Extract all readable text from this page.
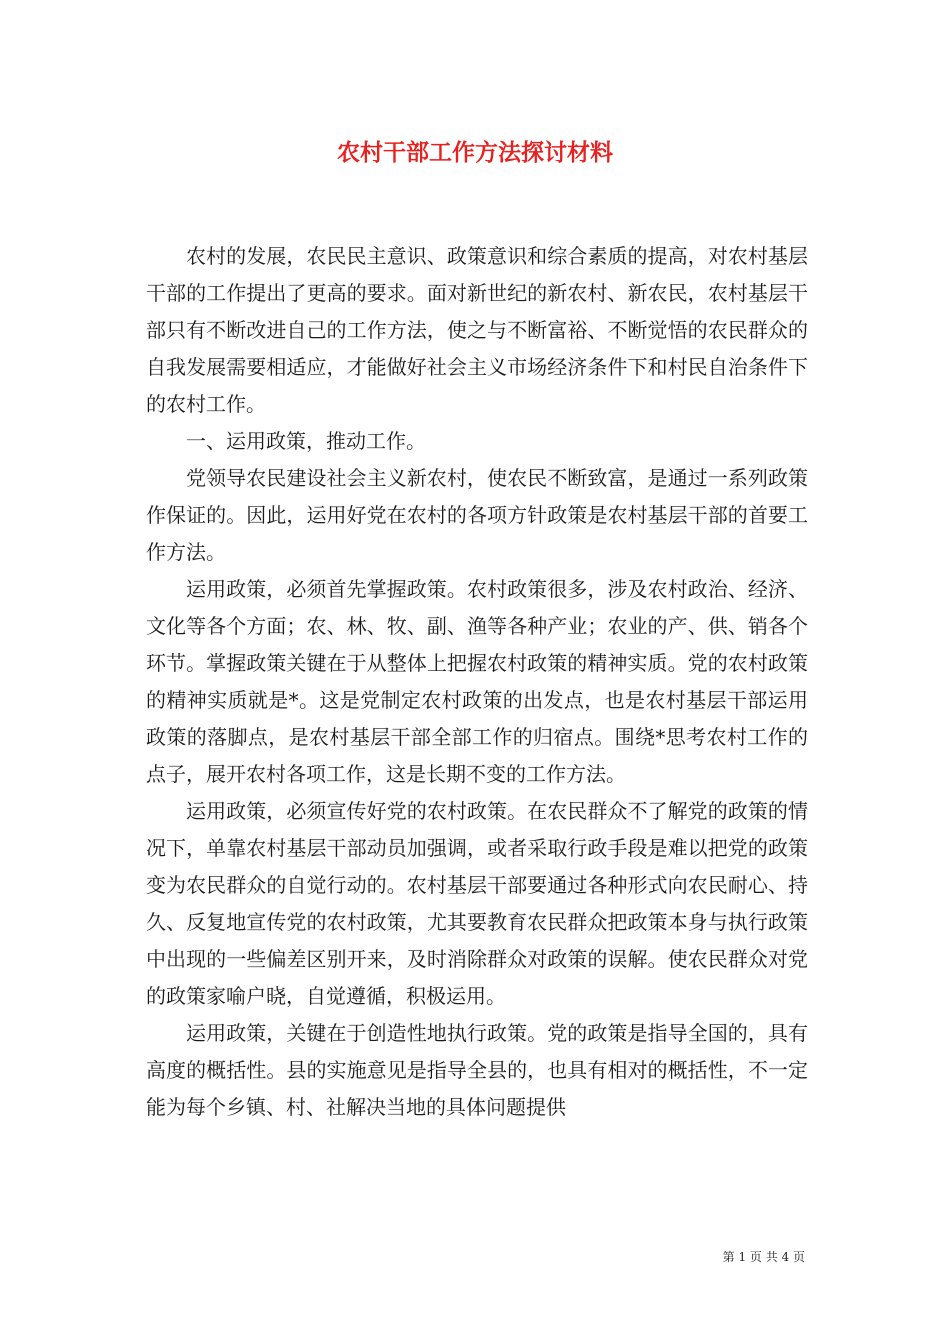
农村干部工作方法探讨材料

农村的发展，农民民主意识、政策意识和综合素质的提高，对农村基层干部的工作提出了更高的要求。面对新世纪的新农村、新农民，农村基层干部只有不断改进自己的工作方法，使之与不断富裕、不断觉悟的农民群众的自我发展需要相适应，才能做好社会主义市场经济条件下和村民自治条件下的农村工作。

一、运用政策，推动工作。

党领导农民建设社会主义新农村，使农民不断致富，是通过一系列政策作保证的。因此，运用好党在农村的各项方针政策是农村基层干部的首要工作方法。

运用政策，必须首先掌握政策。农村政策很多，涉及农村政治、经济、文化等各个方面；农、林、牧、副、渔等各种产业；农业的产、供、销各个环节。掌握政策关键在于从整体上把握农村政策的精神实质。党的农村政策的精神实质就是*。这是党制定农村政策的出发点，也是农村基层干部运用政策的落脚点，是农村基层干部全部工作的归宿点。围绕*思考农村工作的点子，展开农村各项工作，这是长期不变的工作方法。

运用政策，必须宣传好党的农村政策。在农民群众不了解党的政策的情况下，单靠农村基层干部动员加强调，或者采取行政手段是难以把党的政策变为农民群众的自觉行动的。农村基层干部要通过各种形式向农民耐心、持久、反复地宣传党的农村政策，尤其要教育农民群众把政策本身与执行政策中出现的一些偏差区别开来，及时消除群众对政策的误解。使农民群众对党的政策家喻户晓，自觉遵循，积极运用。

运用政策，关键在于创造性地执行政策。党的政策是指导全国的，具有高度的概括性。县的实施意见是指导全县的，也具有相对的概括性，不一定能为每个乡镇、村、社解决当地的具体问题提供

第 1 页 共 4 页
